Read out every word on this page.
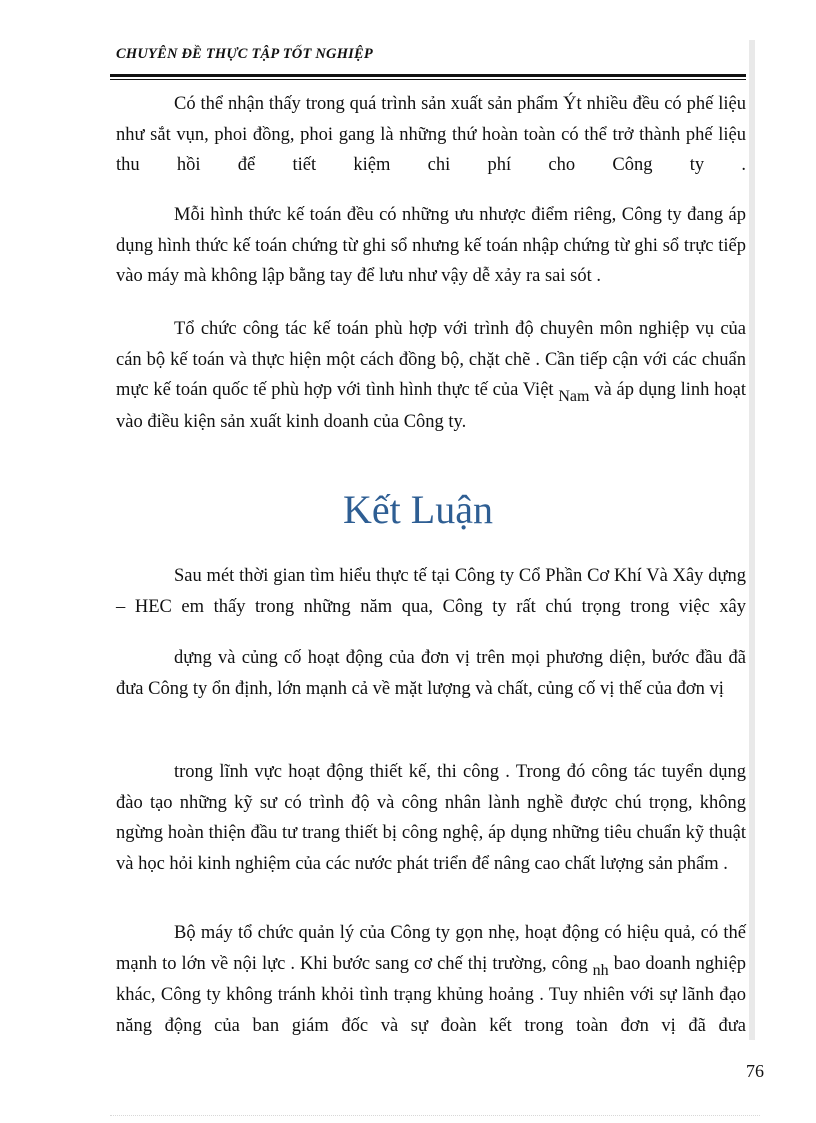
CHUYÊN ĐỀ THỰC TẬP TỐT NGHIỆP

Có thể nhận thấy trong quá trình sản xuất sản phẩm Ýt nhiều đều có phế liệu như sắt vụn, phoi đồng, phoi gang là những thứ hoàn toàn có thể trở thành phế liệu thu hồi để tiết kiệm chi phí cho Công ty .

Mỗi hình thức kế toán đều có những ưu nhược điểm riêng, Công ty đang áp dụng hình thức kế toán chứng từ ghi sổ nhưng kế toán nhập chứng từ ghi sổ trực tiếp vào máy mà không lập bằng tay để lưu như vậy dễ xảy ra sai sót .

Tổ chức công tác kế toán phù hợp với trình độ chuyên môn nghiệp vụ của cán bộ kế toán và thực hiện một cách đồng bộ, chặt chẽ . Cần tiếp cận với các chuẩn mực kế toán quốc tế phù hợp với tình hình thực tế của Việt Nam và áp dụng linh hoạt vào điều kiện sản xuất kinh doanh của Công ty.

Kết Luận

Sau mét thời gian tìm hiểu thực tế tại Công ty Cổ Phần Cơ Khí Và Xây dựng – HEC em thấy trong những năm qua, Công ty rất chú trọng trong việc xây

dựng và củng cố hoạt động của đơn vị trên mọi phương diện, bước đầu đã đưa Công ty ổn định, lớn mạnh cả về mặt lượng và chất, củng cố vị thế của đơn vị

trong lĩnh vực hoạt động thiết kế, thi công . Trong đó công tác tuyển dụng đào tạo những kỹ sư có trình độ và công nhân lành nghề được chú trọng, không ngừng hoàn thiện đầu tư trang thiết bị công nghệ, áp dụng những tiêu chuẩn kỹ thuật và học hỏi kinh nghiệm của các nước phát triển để nâng cao chất lượng sản phẩm .

Bộ máy tổ chức quản lý của Công ty gọn nhẹ, hoạt động có hiệu quả, có thế mạnh to lớn về nội lực . Khi bước sang cơ chế thị trường, công nh bao doanh nghiệp khác, Công ty không tránh khỏi tình trạng khủng hoảng . Tuy nhiên với sự lãnh đạo năng động của ban giám đốc và sự đoàn kết trong toàn đơn vị đã đưa

76
